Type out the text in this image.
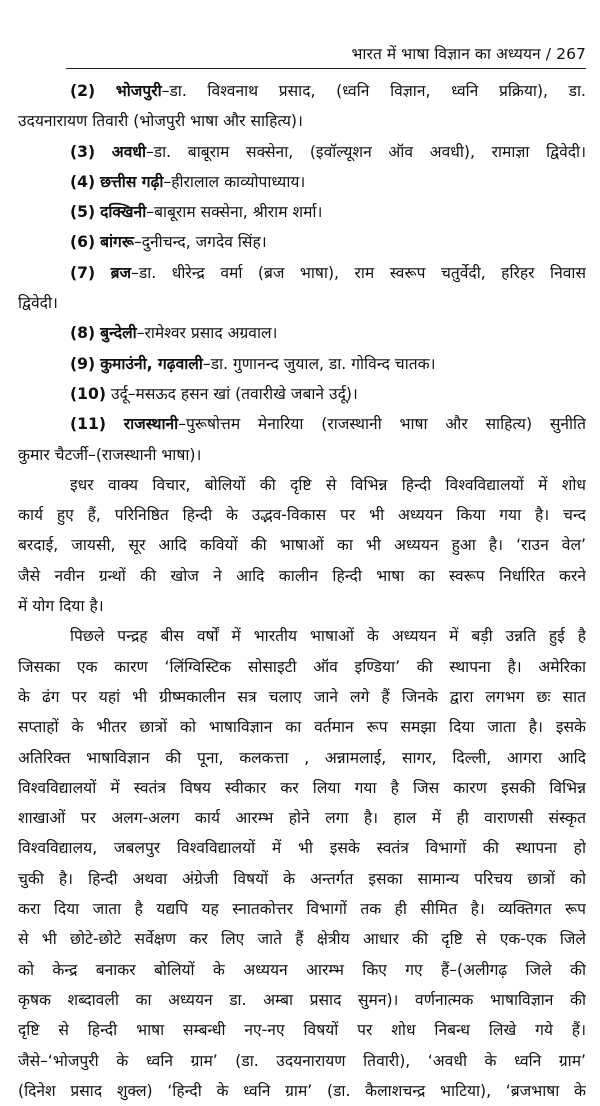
भारत में भाषा विज्ञान का अध्ययन / 267
(2) भोजपुरी–डा. विश्वनाथ प्रसाद, (ध्वनि विज्ञान, ध्वनि प्रक्रिया), डा.
उदयनारायण तिवारी (भोजपुरी भाषा और साहित्य)।
(3) अवधी–डा. बाबूराम सक्सेना, (इवॉल्यूशन ऑव अवधी), रामाज्ञा द्विवेदी।
(4) छत्तीस गढ़ी–हीरालाल काव्योपाध्याय।
(5) दक्खिनी–बाबूराम सक्सेना, श्रीराम शर्मा।
(6) बांगरू–दुनीचन्द, जगदेव सिंह।
(7) ब्रज–डा. धीरेन्द्र वर्मा (ब्रज भाषा), राम स्वरूप चतुर्वेदी, हरिहर निवास
द्विवेदी।
(8) बुन्देली–रामेश्वर प्रसाद अग्रवाल।
(9) कुमाउंनी, गढ़वाली–डा. गुणानन्द जुयाल, डा. गोविन्द चातक।
(10) उर्दू–मसऊद हसन खां (तवारीखे जबाने उर्दू)।
(11) राजस्थानी–पुरूषोत्तम मेनारिया (राजस्थानी भाषा और साहित्य) सुनीति
कुमार चैटर्जी–(राजस्थानी भाषा)।
इधर वाक्य विचार, बोलियों की दृष्टि से विभिन्न हिन्दी विश्वविद्यालयों में शोध
कार्य हुए हैं, परिनिष्ठित हिन्दी के उद्भव-विकास पर भी अध्ययन किया गया है। चन्द
बरदाई, जायसी, सूर आदि कवियों की भाषाओं का भी अध्ययन हुआ है। ‘राउन वेल’
जैसे नवीन ग्रन्थों की खोज ने आदि कालीन हिन्दी भाषा का स्वरूप निर्धारित करने
में योग दिया है।
पिछले पन्द्रह बीस वर्षों में भारतीय भाषाओं के अध्ययन में बड़ी उन्नति हुई है
जिसका एक कारण ‘लिंग्विस्टिक सोसाइटी ऑव इण्डिया’ की स्थापना है। अमेरिका
के ढंग पर यहां भी ग्रीष्मकालीन सत्र चलाए जाने लगे हैं जिनके द्वारा लगभग छः सात
सप्ताहों के भीतर छात्रों को भाषाविज्ञान का वर्तमान रूप समझा दिया जाता है। इसके
अतिरिक्त भाषाविज्ञान की पूना, कलकत्ता , अन्नामलाई, सागर, दिल्ली, आगरा आदि
विश्वविद्यालयों में स्वतंत्र विषय स्वीकार कर लिया गया है जिस कारण इसकी विभिन्न
शाखाओं पर अलग-अलग कार्य आरम्भ होने लगा है। हाल में ही वाराणसी संस्कृत
विश्वविद्यालय, जबलपुर विश्वविद्यालयों में भी इसके स्वतंत्र विभागों की स्थापना हो
चुकी है। हिन्दी अथवा अंग्रेजी विषयों के अन्तर्गत इसका सामान्य परिचय छात्रों को
करा दिया जाता है यद्यपि यह स्नातकोत्तर विभागों तक ही सीमित है। व्यक्तिगत रूप
से भी छोटे-छोटे सर्वेक्षण कर लिए जाते हैं क्षेत्रीय आधार की दृष्टि से एक-एक जिले
को केन्द्र बनाकर बोलियों के अध्ययन आरम्भ किए गए हैं–(अलीगढ़ जिले की
कृषक शब्दावली का अध्ययन डा. अम्बा प्रसाद सुमन)। वर्णनात्मक भाषाविज्ञान की
दृष्टि से हिन्दी भाषा सम्बन्धी नए-नए विषयों पर शोध निबन्ध लिखे गये हैं।
जैसे–‘भोजपुरी के ध्वनि ग्राम’ (डा. उदयनारायण तिवारी), ‘अवधी के ध्वनि ग्राम’
(दिनेश प्रसाद शुक्ल) ‘हिन्दी के ध्वनि ग्राम’ (डा. कैलाशचन्द्र भाटिया), ‘ब्रजभाषा के
